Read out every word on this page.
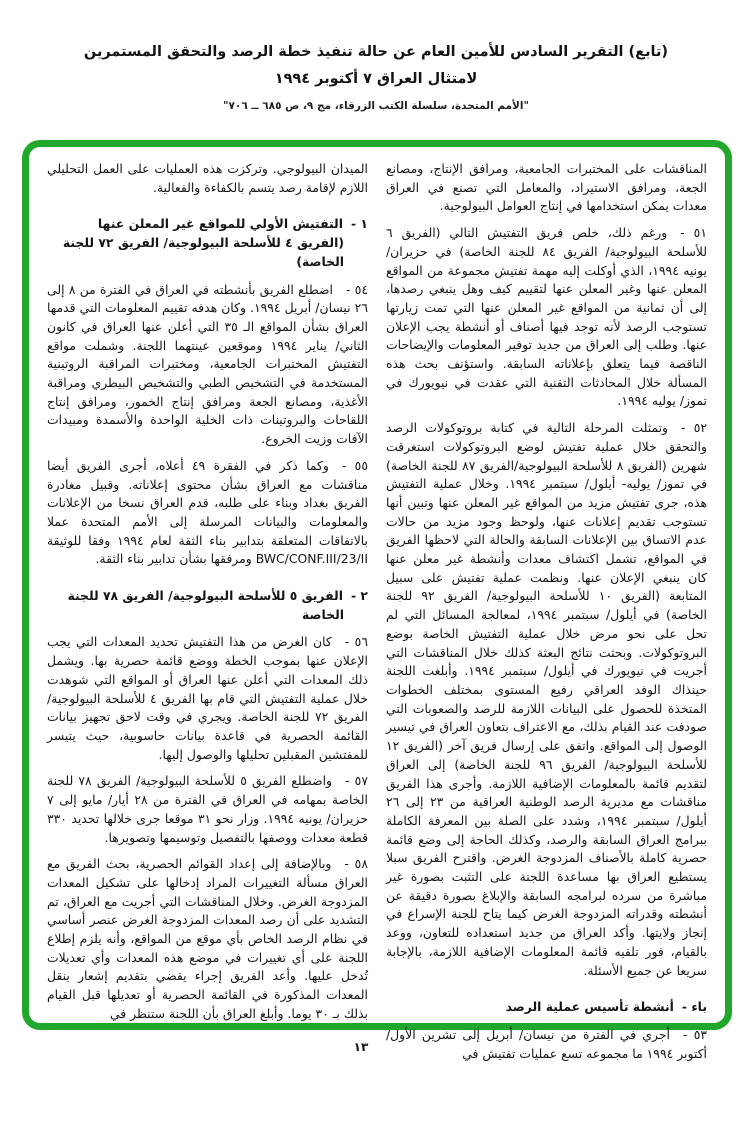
(تابع) التقرير السادس للأمين العام عن حالة تنفيذ خطة الرصد والتحقق المستمرين
لامتثال العراق ٧ أكتوبر ١٩٩٤
"الأمم المتحدة، سلسلة الكتب الزرقاء، مج ٩، ص ٦٨٥ ــ ٧٠٦"
المناقشات على المختبرات الجامعية، ومرافق الإنتاج، ومصانع الجعة، ومرافق الاستيراد، والمعامل التي تصنع في العراق معدات يمكن استخدامها في إنتاج العوامل البيولوجية.
٥١ -ورغم ذلك، خلص فريق التفتيش التالي (الفريق ٦ للأسلحة البيولوجية/ الفريق ٨٤ للجنة الخاصة) في حزيران/ يونيه ١٩٩٤، الذي أوكلت إليه مهمة تفتيش مجموعة من المواقع المعلن عنها وغير المعلن عنها لتقييم كيف وهل ينبغي رصدها، إلى أن ثمانية من المواقع غير المعلن عنها التي تمت زيارتها تستوجب الرصد لأنه توجد فيها أصناف أو أنشطة يجب الإعلان عنها. وطلب إلى العراق من جديد توفير المعلومات والإيضاحات الناقصة فيما يتعلق بإعلاناته السابقة. واستؤنف بحث هذه المسألة خلال المحادثات التقنية التي عقدت في نيويورك في تموز/ يوليه ١٩٩٤.
٥٢ -وتمثلت المرحلة التالية في كتابة بروتوكولات الرصد والتحقق خلال عملية تفتيش لوضع البروتوكولات استغرقت شهرين (الفريق ٨ للأسلحة البيولوجية/الفريق ٨٧ للجنة الخاصة) في تموز/ يوليه- أيلول/ سبتمبر ١٩٩٤. وخلال عملية التفتيش هذه، جرى تفتيش مزيد من المواقع غير المعلن عنها وتبين أنها تستوجب تقديم إعلانات عنها، ولوحظ وجود مزيد من حالات عدم الاتساق بين الإعلانات السابقة والحالة التي لاحظها الفريق في المواقع، تشمل اكتشاف معدات وأنشطة غير معلن عنها كان ينبغي الإعلان عنها. ونظمت عملية تفتيش على سبيل المتابعة (الفريق ١٠ للأسلحة البيولوجية/ الفريق ٩٢ للجنة الخاصة) في أيلول/ سبتمبر ١٩٩٤، لمعالجة المسائل التي لم تحل على نحو مرض خلال عملية التفتيش الخاصة بوضع البروتوكولات. وبحثت نتائج البعثة كذلك خلال المناقشات التي أجريت في نيويورك في أيلول/ سبتمبر ١٩٩٤. وأبلغت اللجنة حينذاك الوفد العراقي رفيع المستوى بمختلف الخطوات المتخذة للحصول على البيانات اللازمة للرصد والصعوبات التي صودفت عند القيام بذلك، مع الاعتراف بتعاون العراق في تيسير الوصول إلى المواقع. واتفق على إرسال فريق آخر (الفريق ١٢ للأسلحة البيولوجية/ الفريق ٩٦ للجنة الخاصة) إلى العراق لتقديم قائمة بالمعلومات الإضافية اللازمة. وأجرى هذا الفريق مناقشات مع مديرية الرصد الوطنية العراقية من ٢٣ إلى ٢٦ أيلول/ سبتمبر ١٩٩٤، وشدد على الصلة بين المعرفة الكاملة ببرامج العراق السابقة والرصد، وكذلك الحاجة إلى وضع قائمة حصرية كاملة بالأصناف المزدوجة الغرض. واقترح الفريق سبلا يستطيع العراق بها مساعدة اللجنة على التثبت بصورة غير مباشرة من سرده لبرامجه السابقة والإبلاغ بصورة دقيقة عن أنشطته وقدراته المزدوجة الغرض كيما يتاح للجنة الإسراع في إنجاز ولايتها. وأكد العراق من جديد استعداده للتعاون، ووعد بالقيام، فور تلقيه قائمة المعلومات الإضافية اللازمة، بالإجابة سريعا عن جميع الأسئلة.
باء -أنشطة تأسيس عملية الرصد
٥٣ -أجري في الفترة من نيسان/ أبريل إلى تشرين الأول/ أكتوبر ١٩٩٤ ما مجموعه تسع عمليات تفتيش في
الميدان البيولوجي. وتركزت هذه العمليات على العمل التحليلي اللازم لإقامة رصد يتسم بالكفاءة والفعالية.
١ -التفتيش الأولي للمواقع غير المعلن عنها (الفريق ٤ للأسلحة البيولوجية/ الفريق ٧٢ للجنة الخاصة)
٥٤ -اضطلع الفريق بأنشطته في العراق في الفترة من ٨ إلى ٢٦ نيسان/ أبريل ١٩٩٤. وكان هدفه تقييم المعلومات التي قدمها العراق بشأن المواقع الـ ٣٥ التي أعلن عنها العراق في كانون الثاني/ يناير ١٩٩٤ وموقعين عينتهما اللجنة. وشملت مواقع التفتيش المختبرات الجامعية، ومختبرات المراقبة الروتينية المستخدمة في التشخيص الطبي والتشخيص البيطري ومراقبة الأغذية، ومصانع الجعة ومرافق إنتاج الخمور، ومرافق إنتاج اللقاحات والبروتينات ذات الخلية الواحدة والأسمدة ومبيدات الآفات وزيت الخروع.
٥٥ -وكما ذكر في الفقرة ٤٩ أعلاه، أجرى الفريق أيضا مناقشات مع العراق بشأن محتوى إعلاناته. وقبيل مغادرة الفريق بغداد وبناء على طلبه، قدم العراق نسخا من الإعلانات والمعلومات والبيانات المرسلة إلى الأمم المتحدة عملا بالاتفاقات المتعلقة بتدابير بناء الثقة لعام ١٩٩٤ وفقا للوثيقة BWC/CONF.III/23/II ومرفقها بشأن تدابير بناء الثقة.
٢ -الفريق ٥ للأسلحة البيولوجية/ الفريق ٧٨ للجنة الخاصة
٥٦ -كان الغرض من هذا التفتيش تحديد المعدات التي يجب الإعلان عنها بموجب الخطة ووضع قائمة حصرية بها. ويشمل ذلك المعدات التي أعلن عنها العراق أو المواقع التي شوهدت خلال عملية التفتيش التي قام بها الفريق ٤ للأسلحة البيولوجية/ الفريق ٧٢ للجنة الخاصة. ويجري في وقت لاحق تجهيز بيانات القائمة الحصرية في قاعدة بيانات حاسوبية، حيث يتيسر للمفتشين المقبلين تحليلها والوصول إليها.
٥٧ -واضطلع الفريق ٥ للأسلحة البيولوجية/ الفريق ٧٨ للجنة الخاصة بمهامه في العراق في الفترة من ٢٨ أيار/ مايو إلى ٧ حزيران/ يونيه ١٩٩٤. وزار نحو ٣١ موقعا جرى خلالها تحديد ٣٣٠ قطعة معدات ووصفها بالتفصيل وتوسيمها وتصويرها.
٥٨ -وبالإضافة إلى إعداد القوائم الحصرية، بحث الفريق مع العراق مسألة التغييرات المراد إدخالها على تشكيل المعدات المزدوجة الغرض. وخلال المناقشات التي أجريت مع العراق، تم التشديد على أن رصد المعدات المزدوجة الغرض عنصر أساسي في نظام الرصد الخاص بأي موقع من المواقع، وأنه يلزم إطلاع اللجنة على أي تغييرات في موضع هذه المعدات وأي تعديلات تُدخل عليها. وأعد الفريق إجراء يقضي بتقديم إشعار بنقل المعدات المذكورة في القائمة الحصرية أو تعديلها قبل القيام بذلك بـ ٣٠ يوما. وأبلغ العراق بأن اللجنة ستنظر في
١٣
